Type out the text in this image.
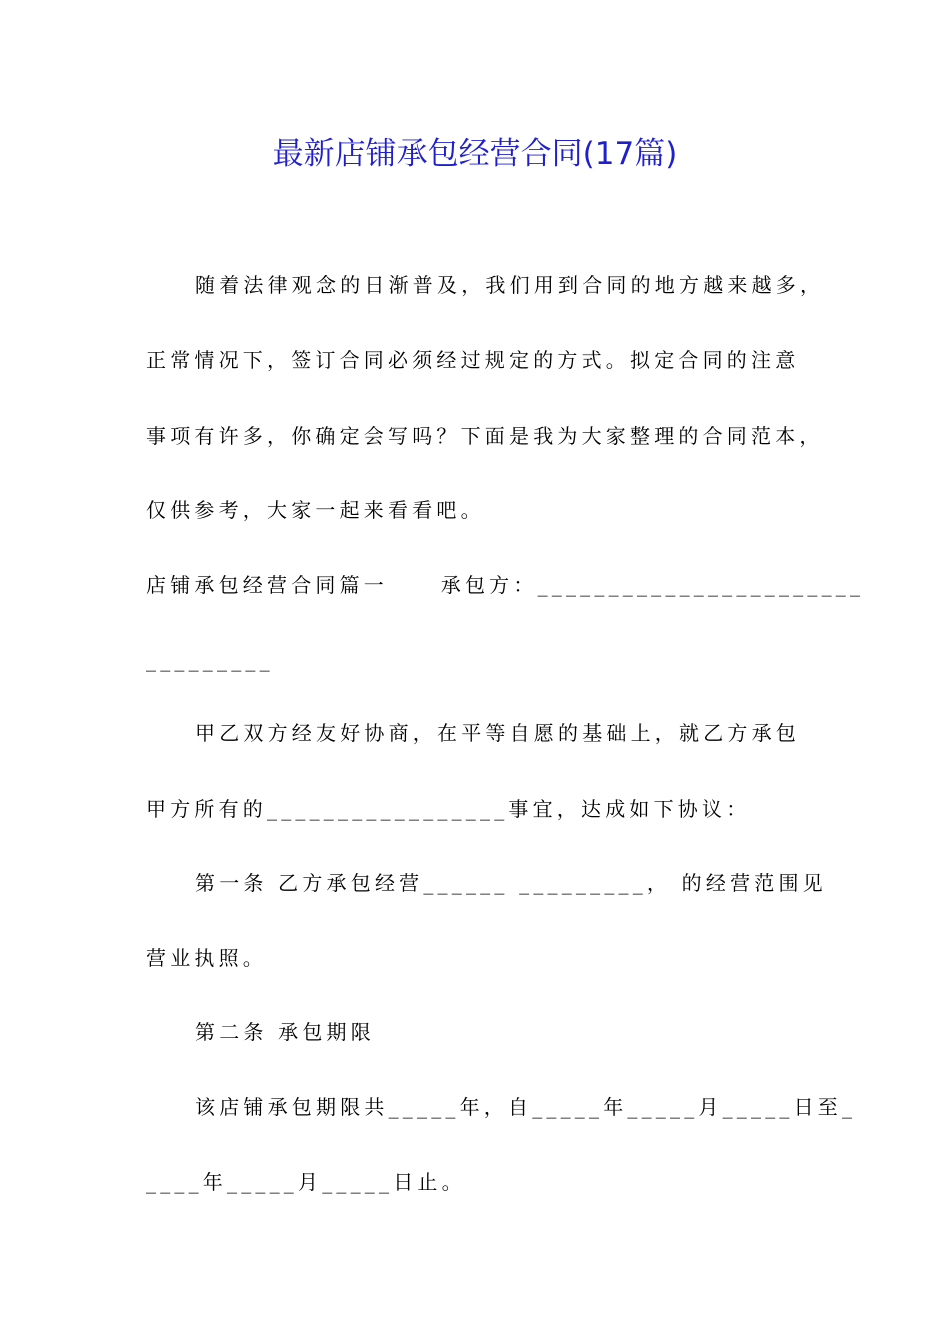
最新店铺承包经营合同(17篇)
随着法律观念的日渐普及，我们用到合同的地方越来越多，
正常情况下，签订合同必须经过规定的方式。拟定合同的注意
事项有许多，你确定会写吗？下面是我为大家整理的合同范本，
仅供参考，大家一起来看看吧。
店铺承包经营合同篇一     承包方：_______________________
_________
甲乙双方经友好协商，在平等自愿的基础上，就乙方承包
甲方所有的_________________事宜，达成如下协议：
第一条 乙方承包经营______ _________， 的经营范围见
营业执照。
第二条 承包期限
该店铺承包期限共_____年，自_____年_____月_____日至_
____年_____月_____日止。
